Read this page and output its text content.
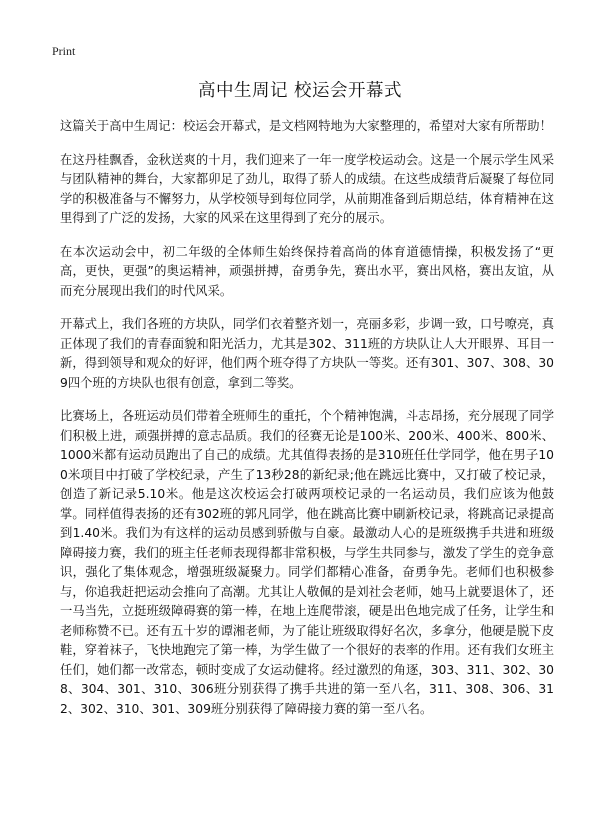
Print
高中生周记 校运会开幕式

这篇关于高中生周记：校运会开幕式，是文档网特地为大家整理的，希望对大家有所帮助！

在这丹桂飘香，金秋送爽的十月，我们迎来了一年一度学校运动会。这是一个展示学生风采与团队精神的舞台，大家都卯足了劲儿，取得了骄人的成绩。在这些成绩背后凝聚了每位同学的积极准备与不懈努力，从学校领导到每位同学，从前期准备到后期总结，体育精神在这里得到了广泛的发扬，大家的风采在这里得到了充分的展示。

在本次运动会中，初二年级的全体师生始终保持着高尚的体育道德情操，积极发扬了“更高，更快，更强”的奥运精神，顽强拼搏，奋勇争先，赛出水平，赛出风格，赛出友谊，从而充分展现出我们的时代风采。

开幕式上，我们各班的方块队，同学们衣着整齐划一，亮丽多彩，步调一致，口号嘹亮，真正体现了我们的青春面貌和阳光活力，尤其是302、311班的方块队让人大开眼界、耳目一新，得到领导和观众的好评，他们两个班夺得了方块队一等奖。还有301、307、308、309四个班的方块队也很有创意，拿到二等奖。

比赛场上，各班运动员们带着全班师生的重托，个个精神饱满，斗志昂扬，充分展现了同学们积极上进，顽强拼搏的意志品质。我们的径赛无论是100米、200米、400米、800米、1000米都有运动员跑出了自己的成绩。尤其值得表扬的是310班任仕学同学，他在男子100米项目中打破了学校纪录，产生了13秒28的新纪录;他在跳远比赛中，又打破了校记录，创造了新记录5.10米。他是这次校运会打破两项校记录的一名运动员，我们应该为他鼓掌。同样值得表扬的还有302班的郭凡同学，他在跳高比赛中刷新校记录，将跳高记录提高到1.40米。我们为有这样的运动员感到骄傲与自豪。最激动人心的是班级携手共进和班级障碍接力赛，我们的班主任老师表现得都非常积极，与学生共同参与，激发了学生的竞争意识，强化了集体观念，增强班级凝聚力。同学们都精心准备，奋勇争先。老师们也积极参与，你追我赶把运动会推向了高潮。尤其让人敬佩的是刘社会老师，她马上就要退休了，还一马当先，立挺班级障碍赛的第一棒，在地上连爬带滚，硬是出色地完成了任务，让学生和老师称赞不已。还有五十岁的谭湘老师，为了能让班级取得好名次，多拿分，他硬是脱下皮鞋，穿着袜子，飞快地跑完了第一棒，为学生做了一个很好的表率的作用。还有我们女班主任们，她们都一改常态，顿时变成了女运动健将。经过激烈的角逐，303、311、302、308、304、301、310、306班分别获得了携手共进的第一至八名，311、308、306、312、302、310、301、309班分别获得了障碍接力赛的第一至八名。
